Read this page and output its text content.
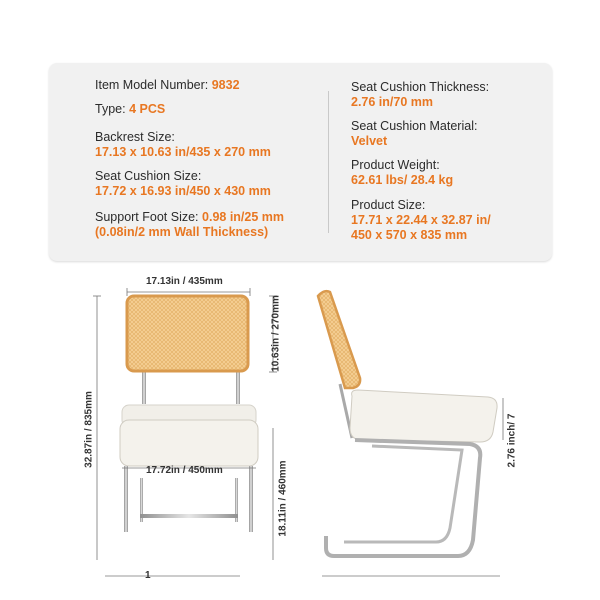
Item Model Number: 9832
Type: 4 PCS
Backrest Size:
17.13 x 10.63 in/435 x 270 mm
Seat Cushion Size:
17.72 x 16.93 in/450 x 430 mm
Support Foot Size: 0.98 in/25 mm
(0.08in/2 mm Wall Thickness)
Seat Cushion Thickness:
2.76 in/70 mm
Seat Cushion Material:
Velvet
Product Weight:
62.61 lbs/ 28.4 kg
Product Size:
17.71 x 22.44 x 32.87 in/
450 x 570 x 835 mm
17.13in / 435mm
10.63in / 270mm
32.87in / 835mm
17.72in / 450mm	18.11in / 460mm
2.76 inch/ 7
1
